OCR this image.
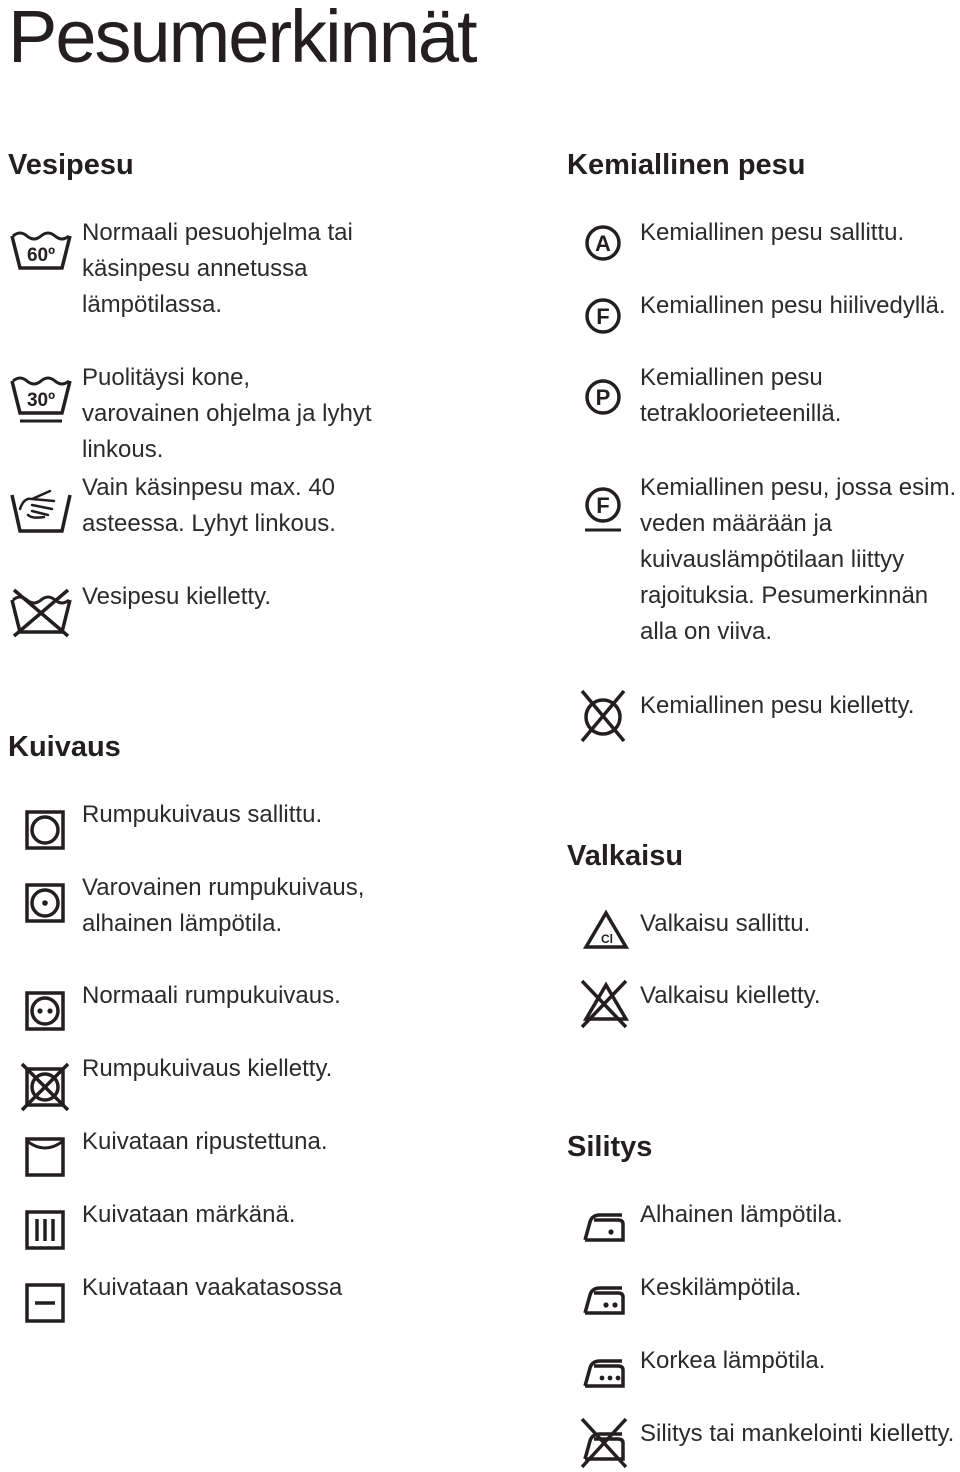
Pesumerkinnät
Vesipesu
60º

Normaali pesuohjelma tai käsinpesu annetussa lämpötilassa.

30º

Puolitäysi kone, varovainen ohjelma ja lyhyt linkous.

Vain käsinpesu max. 40 asteessa. Lyhyt linkous.

Vesipesu kielletty.

Kuivaus

Rumpukuivaus sallittu.

Varovainen rumpukuivaus, alhainen lämpötila.

Normaali rumpukuivaus.

Rumpukuivaus kielletty.

Kuivataan ripustettuna.

Kuivataan märkänä.

Kuivataan vaakatasossa

Kemiallinen pesu
A Kemiallinen pesu sallittu.

F Kemiallinen pesu hiilivedyllä.

P

Kemiallinen pesu tetrakloorieteenillä.

F

Kemiallinen pesu, jossa esim. veden määrään ja kuivauslämpötilaan liittyy rajoituksia. Pesumerkinnän alla on viiva.

Kemiallinen pesu kielletty.

Valkaisu
Cl

Valkaisu sallittu.

Valkaisu kielletty.

Silitys

Alhainen lämpötila.

Keskilämpötila.

Korkea lämpötila.

Silitys tai mankelointi kielletty.
